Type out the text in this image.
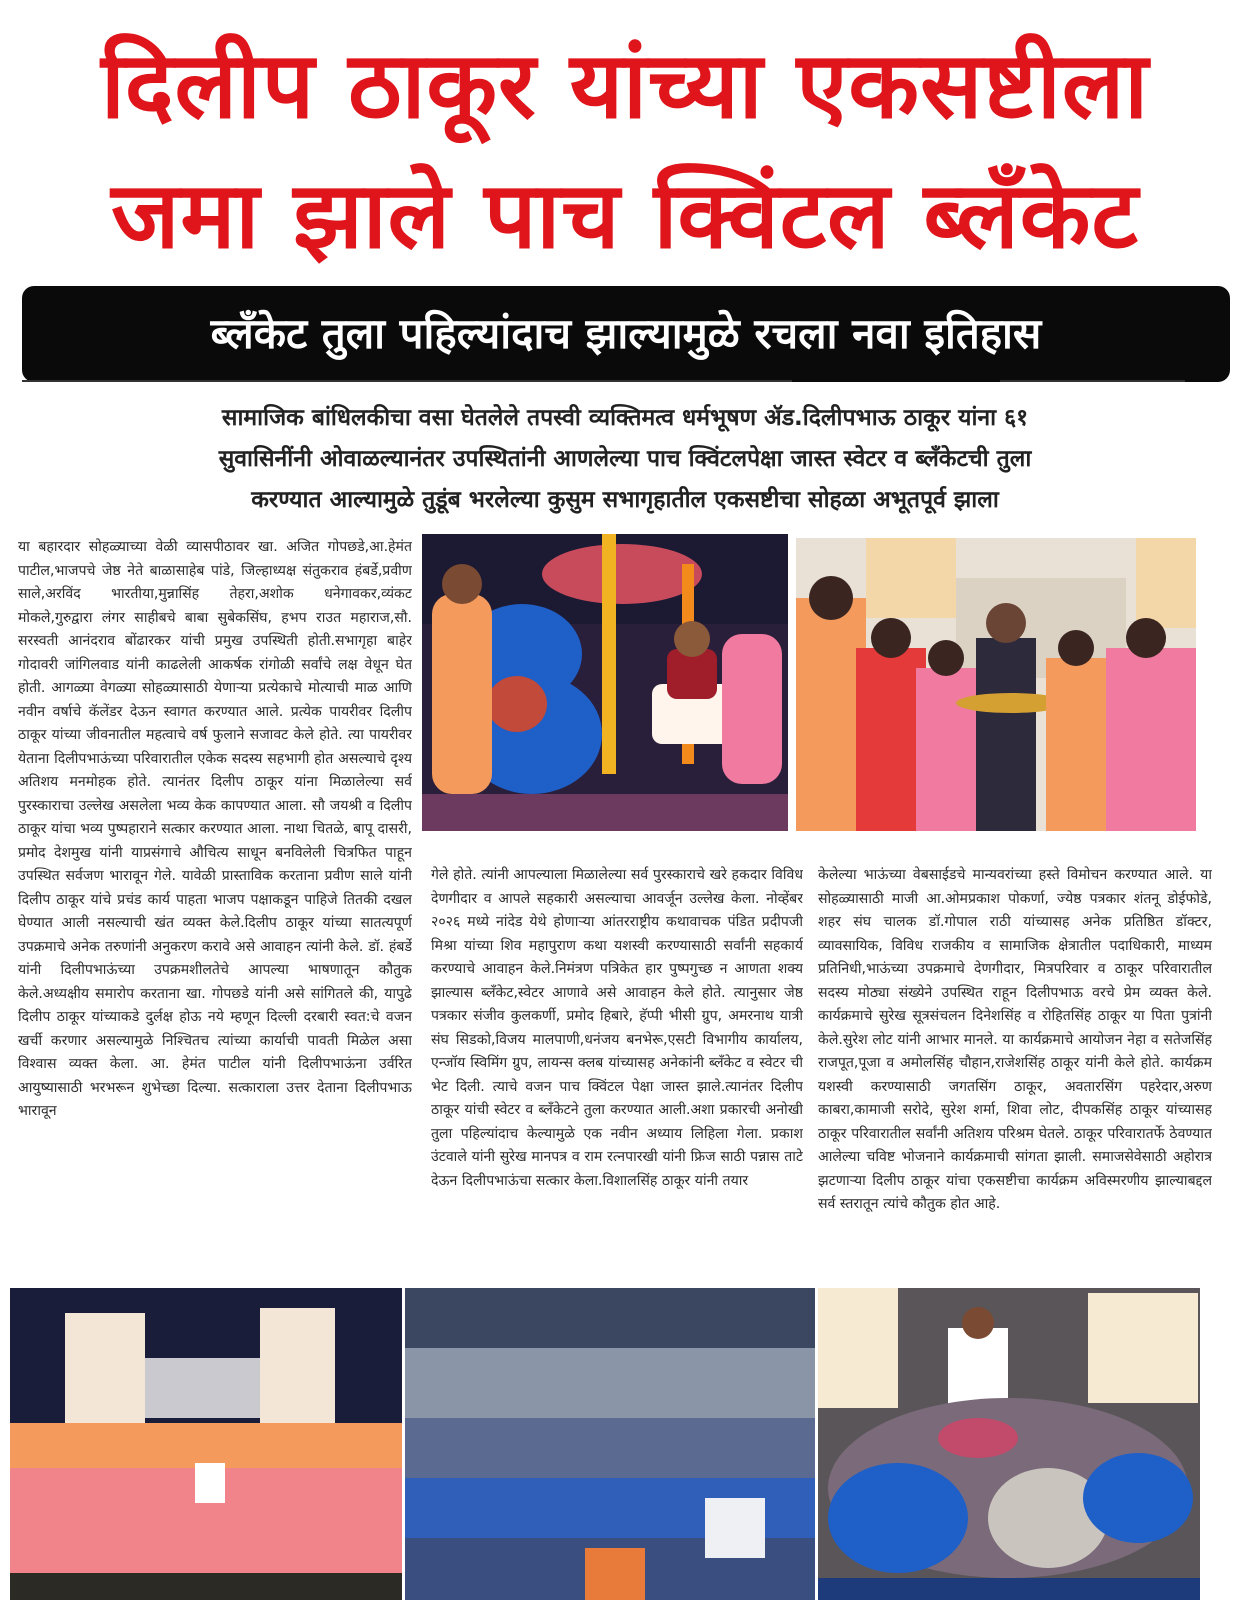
दिलीप ठाकूर यांच्या एकसष्टीला
जमा झाले पाच क्विंटल ब्लँकेट
ब्लँकेट तुला पहिल्यांदाच झाल्यामुळे रचला नवा इतिहास

सामाजिक बांधिलकीचा वसा घेतलेले तपस्वी व्यक्तिमत्व धर्मभूषण ॲड.दिलीपभाऊ ठाकूर यांना ६१

सुवासिनींनी ओवाळल्यानंतर उपस्थितांनी आणलेल्या पाच क्विंटलपेक्षा जास्त स्वेटर व ब्लँकेटची तुला

करण्यात आल्यामुळे तुडूंब भरलेल्या कुसुम सभागृहातील एकसष्टीचा सोहळा अभूतपूर्व झाला

या बहारदार सोहळ्याच्या वेळी व्यासपीठावर खा. अजित गोपछडे,आ.हेमंत पाटील,भाजपचे जेष्ठ नेते बाळासाहेब पांडे, जिल्हाध्यक्ष संतुकराव हंबर्डे,प्रवीण साले,अरविंद भारतीया,मुन्नासिंह तेहरा,अशोक धनेगावकर,व्यंकट मोकले,गुरुद्वारा लंगर साहीबचे बाबा सुबेकसिंघ, हभप राउत महाराज,सौ. सरस्वती आनंदराव बोंढारकर यांची प्रमुख उपस्थिती होती.सभागृहा बाहेर गोदावरी जांगिलवाड यांनी काढलेली आकर्षक रांगोळी सर्वांचे लक्ष वेधून घेत होती. आगळ्या वेगळ्या सोहळ्यासाठी येणाऱ्या प्रत्येकाचे मोत्याची माळ आणि नवीन वर्षाचे कॅलेंडर देऊन स्वागत करण्यात आले. प्रत्येक पायरीवर दिलीप ठाकूर यांच्या जीवनातील महत्वाचे वर्ष फुलाने सजावट केले होते. त्या पायरीवर येताना दिलीपभाऊंच्या परिवारातील एकेक सदस्य सहभागी होत असल्याचे दृश्य अतिशय मनमोहक होते. त्यानंतर दिलीप ठाकूर यांना मिळालेल्या सर्व पुरस्काराचा उल्लेख असलेला भव्य केक कापण्यात आला. सौ जयश्री व दिलीप ठाकूर यांचा भव्य पुष्पहाराने सत्कार करण्यात आला. नाथा चितळे, बापू दासरी, प्रमोद देशमुख यांनी याप्रसंगाचे औचित्य साधून बनविलेली चित्रफित पाहून उपस्थित सर्वजण भारावून गेले. यावेळी प्रास्ताविक करताना प्रवीण साले यांनी दिलीप ठाकूर यांचे प्रचंड कार्य पाहता भाजप पक्षाकडून पाहिजे तितकी दखल घेण्यात आली नसल्याची खंत व्यक्त केले.दिलीप ठाकूर यांच्या सातत्यपूर्ण उपक्रमाचे अनेक तरुणांनी अनुकरण करावे असे आवाहन त्यांनी केले. डॉ. हंबर्डे यांनी दिलीपभाऊंच्या उपक्रमशीलतेचे आपल्या भाषणातून कौतुक केले.अध्यक्षीय समारोप करताना खा. गोपछडे यांनी असे सांगितले की, यापुढे दिलीप ठाकूर यांच्याकडे दुर्लक्ष होऊ नये म्हणून दिल्ली दरबारी स्वत:चे वजन खर्ची करणार असल्यामुळे निश्चितच त्यांच्या कार्याची पावती मिळेल असा विश्वास व्यक्त केला. आ. हेमंत पाटील यांनी दिलीपभाऊंना उर्वरित आयुष्यासाठी भरभरून शुभेच्छा दिल्या. सत्काराला उत्तर देताना दिलीपभाऊ भारावून
गेले होते. त्यांनी आपल्याला मिळालेल्या सर्व पुरस्काराचे खरे हकदार विविध देणगीदार व आपले सहकारी असल्याचा आवर्जून उल्लेख केला. नोव्हेंबर २०२६ मध्ये नांदेड येथे होणाऱ्या आंतरराष्ट्रीय कथावाचक पंडित प्रदीपजी मिश्रा यांच्या शिव महापुराण कथा यशस्वी करण्यासाठी सर्वांनी सहकार्य करण्याचे आवाहन केले.निमंत्रण पत्रिकेत हार पुष्पगुच्छ न आणता शक्य झाल्यास ब्लॅंकेट,स्वेटर आणावे असे आवाहन केले होते. त्यानुसार जेष्ठ पत्रकार संजीव कुलकर्णी, प्रमोद हिबारे, हॅप्पी भीसी ग्रुप, अमरनाथ यात्री संघ सिडको,विजय मालपाणी,धनंजय बनभेरू,एसटी विभागीय कार्यालय, एन्जॉय स्विमिंग ग्रुप, लायन्स क्लब यांच्यासह अनेकांनी ब्लॅंकेट व स्वेटर ची भेट दिली. त्याचे वजन पाच क्विंटल पेक्षा जास्त झाले.त्यानंतर दिलीप ठाकूर यांची स्वेटर व ब्लॅंकेटने तुला करण्यात आली.अशा प्रकारची अनोखी तुला पहिल्यांदाच केल्यामुळे एक नवीन अध्याय लिहिला गेला. प्रकाश उंटवाले यांनी सुरेख मानपत्र व राम रत्नपारखी यांनी फ्रिज साठी पन्नास ताटे देऊन दिलीपभाऊंचा सत्कार केला.विशालसिंह ठाकूर यांनी तयार
केलेल्या भाऊंच्या वेबसाईडचे मान्यवरांच्या हस्ते विमोचन करण्यात आले. या सोहळ्यासाठी माजी आ.ओमप्रकाश पोकर्णा, ज्येष्ठ पत्रकार शंतनू डोईफोडे, शहर संघ चालक डॉ.गोपाल राठी यांच्यासह अनेक प्रतिष्ठित डॉक्टर, व्यावसायिक, विविध राजकीय व सामाजिक क्षेत्रातील पदाधिकारी, माध्यम प्रतिनिधी,भाऊंच्या उपक्रमाचे देणगीदार, मित्रपरिवार व ठाकूर परिवारातील सदस्य मोठ्या संख्येने उपस्थित राहून दिलीपभाऊ वरचे प्रेम व्यक्त केले. कार्यक्रमाचे सुरेख सूत्रसंचलन दिनेशसिंह व रोहितसिंह ठाकूर या पिता पुत्रांनी केले.सुरेश लोट यांनी आभार मानले. या कार्यक्रमाचे आयोजन नेहा व सतेजसिंह राजपूत,पूजा व अमोलसिंह चौहान,राजेशसिंह ठाकूर यांनी केले होते. कार्यक्रम यशस्वी करण्यासाठी जगतसिंग ठाकूर, अवतारसिंग पहरेदार,अरुण काबरा,कामाजी सरोदे, सुरेश शर्मा, शिवा लोट, दीपकसिंह ठाकूर यांच्यासह ठाकूर परिवारातील सर्वांनी अतिशय परिश्रम घेतले. ठाकूर परिवारातर्फे ठेवण्यात आलेल्या चविष्ट भोजनाने कार्यक्रमाची सांगता झाली. समाजसेवेसाठी अहोरात्र झटणाऱ्या दिलीप ठाकूर यांचा एकसष्टीचा कार्यक्रम अविस्मरणीय झाल्याबद्दल सर्व स्तरातून त्यांचे कौतुक होत आहे.
